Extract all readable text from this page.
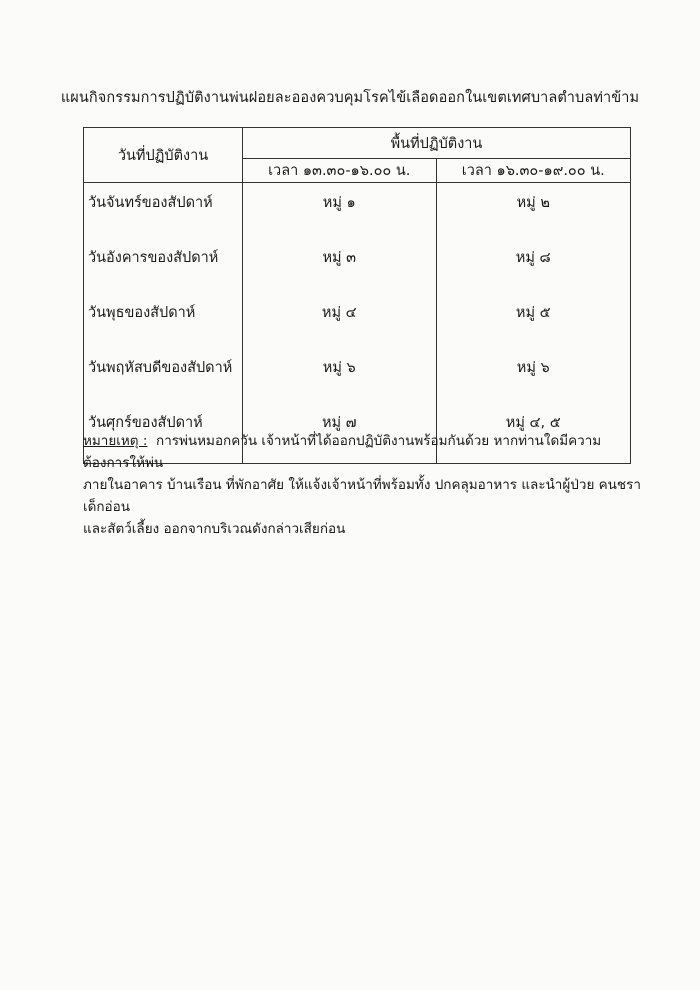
แผนกิจกรรมการปฏิบัติงานพ่นฝอยละอองควบคุมโรคไข้เลือดออกในเขตเทศบาลตำบลท่าข้าม
วันที่ปฏิบัติงาน	พื้นที่ปฏิบัติงาน	
	เวลา ๑๓.๓๐-๑๖.๐๐ น.	เวลา ๑๖.๓๐-๑๙.๐๐ น.
วันจันทร์ของสัปดาห์	หมู่ ๑	หมู่ ๒
วันอังคารของสัปดาห์	หมู่ ๓	หมู่ ๘
วันพุธของสัปดาห์	หมู่ ๔	หมู่ ๕
วันพฤหัสบดีของสัปดาห์	หมู่ ๖	หมู่ ๖
วันศุกร์ของสัปดาห์	หมู่ ๗	หมู่ ๔, ๕
หมายเหตุ : การพ่นหมอกควัน เจ้าหน้าที่ได้ออกปฏิบัติงานพร้อมกันด้วย หากท่านใดมีความต้องการให้พ่น
ภายในอาคาร บ้านเรือน ที่พักอาศัย ให้แจ้งเจ้าหน้าที่พร้อมทั้ง ปกคลุมอาหาร และนำผู้ป่วย คนชรา เด็กอ่อน
และสัตว์เลี้ยง ออกจากบริเวณดังกล่าวเสียก่อน
